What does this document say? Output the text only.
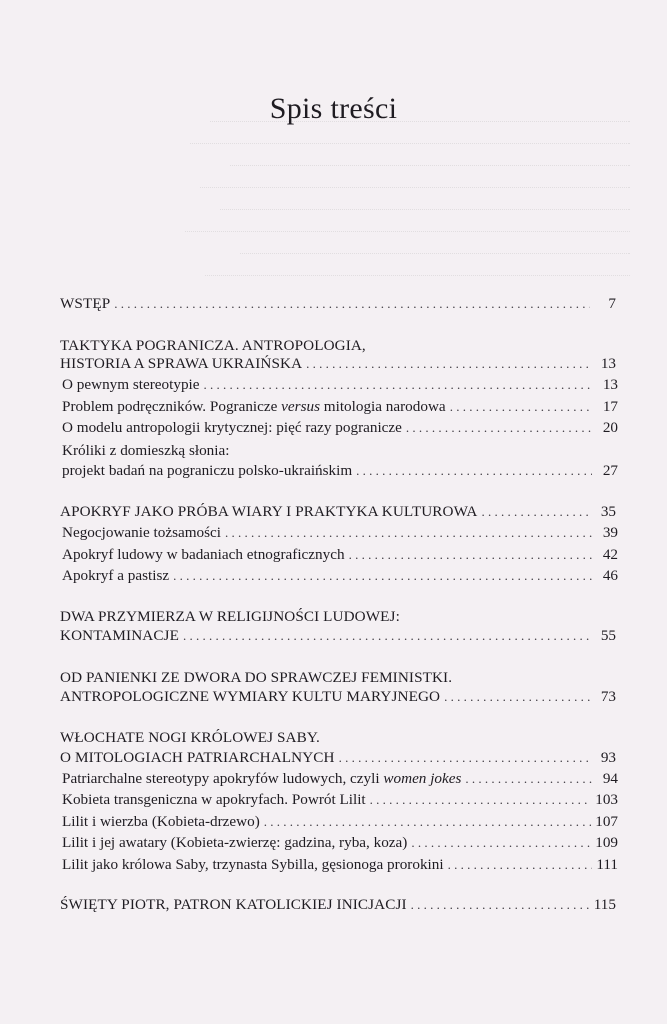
Spis treści
WSTĘP . . .	7
TAKTYKA POGRANICZA. ANTROPOLOGIA,
HISTORIA A SPRAWA UKRAIŃSKA . . .	13
O pewnym stereotypie . . .	13
Problem podręczników. Pogranicze versus mitologia narodowa . . .	17
O modelu antropologii krytycznej: pięć razy pogranicze . . .	20
Króliki z domieszką słonia:
projekt badań na pograniczu polsko-ukraińskim . . .	27
APOKRYF JAKO PRÓBA WIARY I PRAKTYKA KULTUROWA . . .	35
Negocjowanie tożsamości . . .	39
Apokryf ludowy w badaniach etnograficznych . . .	42
Apokryf a pastisz . . .	46
DWA PRZYMIERZA W RELIGIJNOŚCI LUDOWEJ:
KONTAMINACJE . . .	55
OD PANIENKI ZE DWORA DO SPRAWCZEJ FEMINISTKI.
ANTROPOLOGICZNE WYMIARY KULTU MARYJNEGO . . .	73
WŁOCHATE NOGI KRÓLOWEJ SABY.
O MITOLOGIACH PATRIARCHALNYCH . . .	93
Patriarchalne stereotypy apokryfów ludowych, czyli women jokes . . .	94
Kobieta transgeniczna w apokryfach. Powrót Lilit . . .	103
Lilit i wierzba (Kobieta-drzewo) . . .	107
Lilit i jej awatary (Kobieta-zwierzę: gadzina, ryba, koza) . . .	109
Lilit jako królowa Saby, trzynasta Sybilla, gęsionoga prorokini . . .	111
ŚWIĘTY PIOTR, PATRON KATOLICKIEJ INICJACJI . . .	115
